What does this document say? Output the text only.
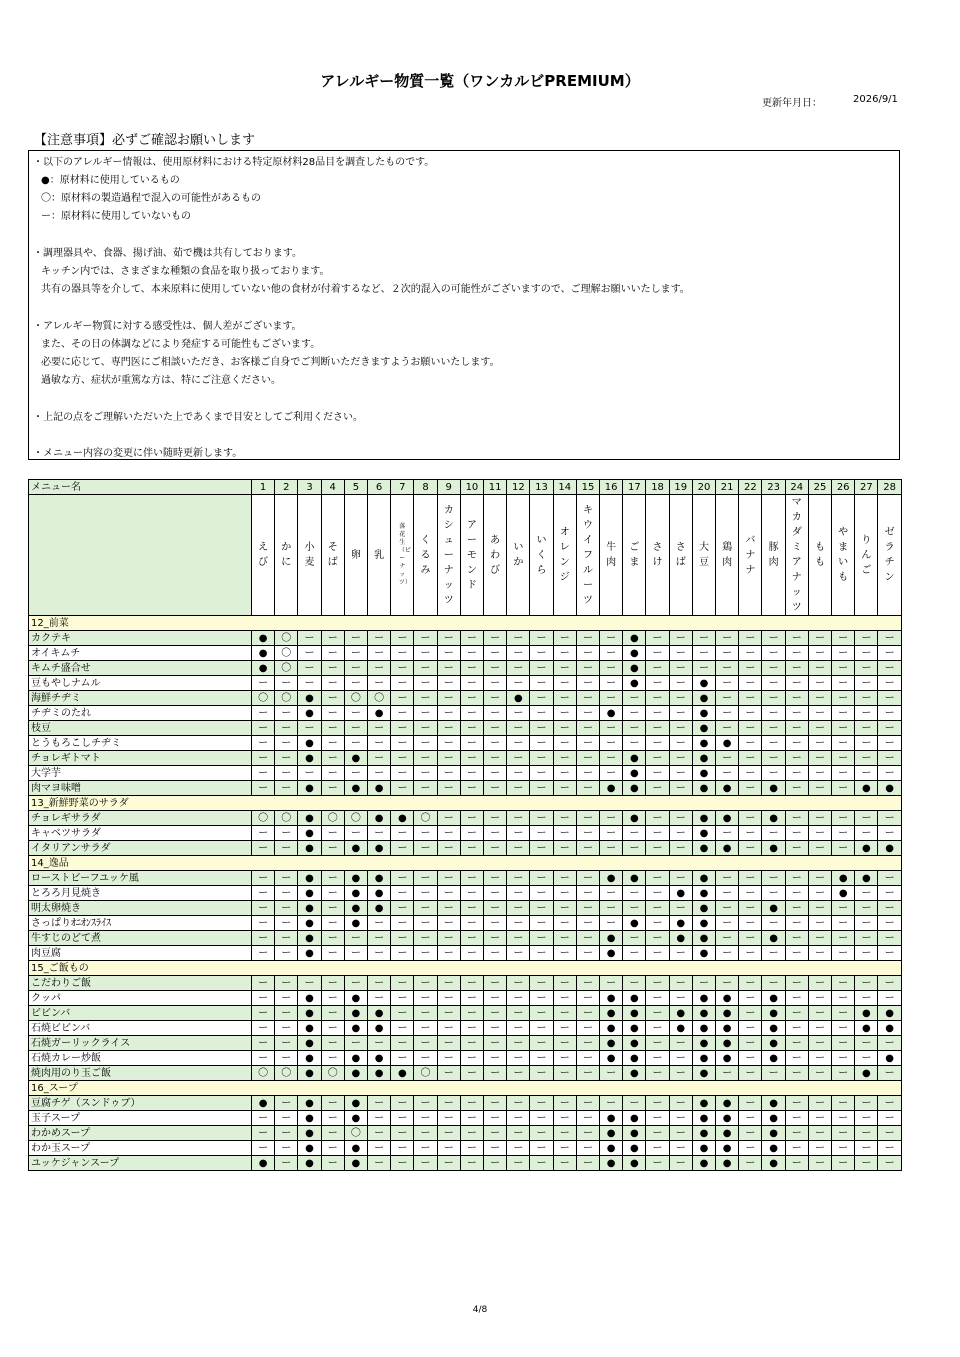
アレルギー物質一覧（ワンカルビPREMIUM）
更新年月日：	2026/9/1
【注意事項】必ずご確認お願いします
・以下のアレルギー情報は、使用原材料における特定原材料28品目を調査したものです。
●：原材料に使用しているもの
〇：原材料の製造過程で混入の可能性があるもの
ー：原材料に使用していないもの
・調理器具や、食器、揚げ油、茹で機は共有しております。
キッチン内では、さまざまな種類の食品を取り扱っております。
共有の器具等を介して、本来原料に使用していない他の食材が付着するなど、２次的混入の可能性がございますので、ご理解お願いいたします。
・アレルギー物質に対する感受性は、個人差がございます。
また、その日の体調などにより発症する可能性もございます。
必要に応じて、専門医にご相談いただき、お客様ご自身でご判断いただきますようお願いいたします。
過敏な方、症状が重篤な方は、特にご注意ください。
・上記の点をご理解いただいた上であくまで目安としてご利用ください。
・メニュー内容の変更に伴い随時更新します。
メニュー名	1	2	3	4	5	6	7	8	9	10	11	12	13	14	15	16	17	18	19	20	21	22	23	24	25	26	27	28	
	えび	かに	小麦	そば	卵	乳	落花生（ピーナッツ）	くるみ	カシューナッツ	アーモンド	あわび	いか	いくら	オレンジ	キウイフルーツ	牛肉	ごま	さけ	さば	大豆	鶏肉	バナナ	豚肉	マカダミアナッツ	もも	やまいも	りんご	ゼラチン	
12_前菜																													
カクテキ	●	〇	ー	ー	ー	ー	ー	ー	ー	ー	ー	ー	ー	ー	ー	ー	●	ー	ー	ー	ー	ー	ー	ー	ー	ー	ー	ー	
オイキムチ	●	〇	ー	ー	ー	ー	ー	ー	ー	ー	ー	ー	ー	ー	ー	ー	●	ー	ー	ー	ー	ー	ー	ー	ー	ー	ー	ー	
キムチ盛合せ	●	〇	ー	ー	ー	ー	ー	ー	ー	ー	ー	ー	ー	ー	ー	ー	●	ー	ー	ー	ー	ー	ー	ー	ー	ー	ー	ー	
豆もやしナムル	ー	ー	ー	ー	ー	ー	ー	ー	ー	ー	ー	ー	ー	ー	ー	ー	●	ー	ー	●	ー	ー	ー	ー	ー	ー	ー	ー	
海鮮チヂミ	〇	〇	●	ー	〇	〇	ー	ー	ー	ー	ー	●	ー	ー	ー	ー	ー	ー	ー	●	ー	ー	ー	ー	ー	ー	ー	ー	
チヂミのたれ	ー	ー	●	ー	ー	●	ー	ー	ー	ー	ー	ー	ー	ー	ー	●	ー	ー	ー	●	ー	ー	ー	ー	ー	ー	ー	ー	
枝豆	ー	ー	ー	ー	ー	ー	ー	ー	ー	ー	ー	ー	ー	ー	ー	ー	ー	ー	ー	●	ー	ー	ー	ー	ー	ー	ー	ー	
とうもろこしチヂミ	ー	ー	●	ー	ー	ー	ー	ー	ー	ー	ー	ー	ー	ー	ー	ー	ー	ー	ー	●	●	ー	ー	ー	ー	ー	ー	ー	
チョレギトマト	ー	ー	●	ー	●	ー	ー	ー	ー	ー	ー	ー	ー	ー	ー	ー	●	ー	ー	●	ー	ー	ー	ー	ー	ー	ー	ー	
大学芋	ー	ー	ー	ー	ー	ー	ー	ー	ー	ー	ー	ー	ー	ー	ー	ー	●	ー	ー	●	ー	ー	ー	ー	ー	ー	ー	ー	
肉マヨ味噌	ー	ー	●	ー	●	●	ー	ー	ー	ー	ー	ー	ー	ー	ー	●	●	ー	ー	●	●	ー	●	ー	ー	ー	●	●	
13_新鮮野菜のサラダ																													
チョレギサラダ	〇	〇	●	〇	〇	●	●	〇	ー	ー	ー	ー	ー	ー	ー	ー	●	ー	ー	●	●	ー	●	ー	ー	ー	ー	ー	
キャベツサラダ	ー	ー	●	ー	ー	ー	ー	ー	ー	ー	ー	ー	ー	ー	ー	ー	ー	ー	ー	●	ー	ー	ー	ー	ー	ー	ー	ー	
イタリアンサラダ	ー	ー	●	ー	●	●	ー	ー	ー	ー	ー	ー	ー	ー	ー	ー	ー	ー	ー	●	●	ー	●	ー	ー	ー	●	●	
14_逸品																													
ローストビーフユッケ風	ー	ー	●	ー	●	●	ー	ー	ー	ー	ー	ー	ー	ー	ー	●	●	ー	ー	●	ー	ー	ー	ー	ー	●	●	ー	
とろろ月見焼き	ー	ー	●	ー	●	●	ー	ー	ー	ー	ー	ー	ー	ー	ー	ー	ー	ー	●	●	ー	ー	ー	ー	ー	●	ー	ー	
明太卵焼き	ー	ー	●	ー	●	●	ー	ー	ー	ー	ー	ー	ー	ー	ー	ー	ー	ー	ー	●	ー	ー	●	ー	ー	ー	ー	ー	
さっぱりｵﾆｵﾝｽﾗｲｽ	ー	ー	●	ー	●	ー	ー	ー	ー	ー	ー	ー	ー	ー	ー	ー	●	ー	●	●	ー	ー	ー	ー	ー	ー	ー	ー	
牛すじのどて煮	ー	ー	●	ー	ー	ー	ー	ー	ー	ー	ー	ー	ー	ー	ー	●	ー	ー	●	●	ー	ー	●	ー	ー	ー	ー	ー	
肉豆腐	ー	ー	●	ー	ー	ー	ー	ー	ー	ー	ー	ー	ー	ー	ー	●	ー	ー	ー	●	ー	ー	ー	ー	ー	ー	ー	ー	
15_ご飯もの																													
こだわりご飯	ー	ー	ー	ー	ー	ー	ー	ー	ー	ー	ー	ー	ー	ー	ー	ー	ー	ー	ー	ー	ー	ー	ー	ー	ー	ー	ー	ー	
クッパ	ー	ー	●	ー	●	ー	ー	ー	ー	ー	ー	ー	ー	ー	ー	●	●	ー	ー	●	●	ー	●	ー	ー	ー	ー	ー	
ビビンバ	ー	ー	●	ー	●	●	ー	ー	ー	ー	ー	ー	ー	ー	ー	●	●	ー	●	●	●	ー	●	ー	ー	ー	●	●	
石焼ビビンバ	ー	ー	●	ー	●	●	ー	ー	ー	ー	ー	ー	ー	ー	ー	●	●	ー	●	●	●	ー	●	ー	ー	ー	●	●	
石焼ガーリックライス	ー	ー	●	ー	ー	ー	ー	ー	ー	ー	ー	ー	ー	ー	ー	●	●	ー	ー	●	●	ー	●	ー	ー	ー	ー	ー	
石焼カレー炒飯	ー	ー	●	ー	●	●	ー	ー	ー	ー	ー	ー	ー	ー	ー	●	●	ー	ー	●	●	ー	●	ー	ー	ー	ー	●	
焼肉用のり玉ご飯	〇	〇	●	〇	●	●	●	〇	ー	ー	ー	ー	ー	ー	ー	ー	●	ー	ー	●	ー	ー	ー	ー	ー	ー	●	ー	
16_スープ																													
豆腐チゲ（スンドゥブ）	●	ー	●	ー	●	ー	ー	ー	ー	ー	ー	ー	ー	ー	ー	ー	ー	ー	ー	●	●	ー	●	ー	ー	ー	ー	ー	
玉子スープ	ー	ー	●	ー	●	ー	ー	ー	ー	ー	ー	ー	ー	ー	ー	●	●	ー	ー	●	●	ー	●	ー	ー	ー	ー	ー	
わかめスープ	ー	ー	●	ー	〇	ー	ー	ー	ー	ー	ー	ー	ー	ー	ー	●	●	ー	ー	●	●	ー	●	ー	ー	ー	ー	ー	
わか玉スープ	ー	ー	●	ー	●	ー	ー	ー	ー	ー	ー	ー	ー	ー	ー	●	●	ー	ー	●	●	ー	●	ー	ー	ー	ー	ー	
ユッケジャンスープ	●	ー	●	ー	●	ー	ー	ー	ー	ー	ー	ー	ー	ー	ー	●	●	ー	ー	●	●	ー	●	ー	ー	ー	ー	ー	
4/8
